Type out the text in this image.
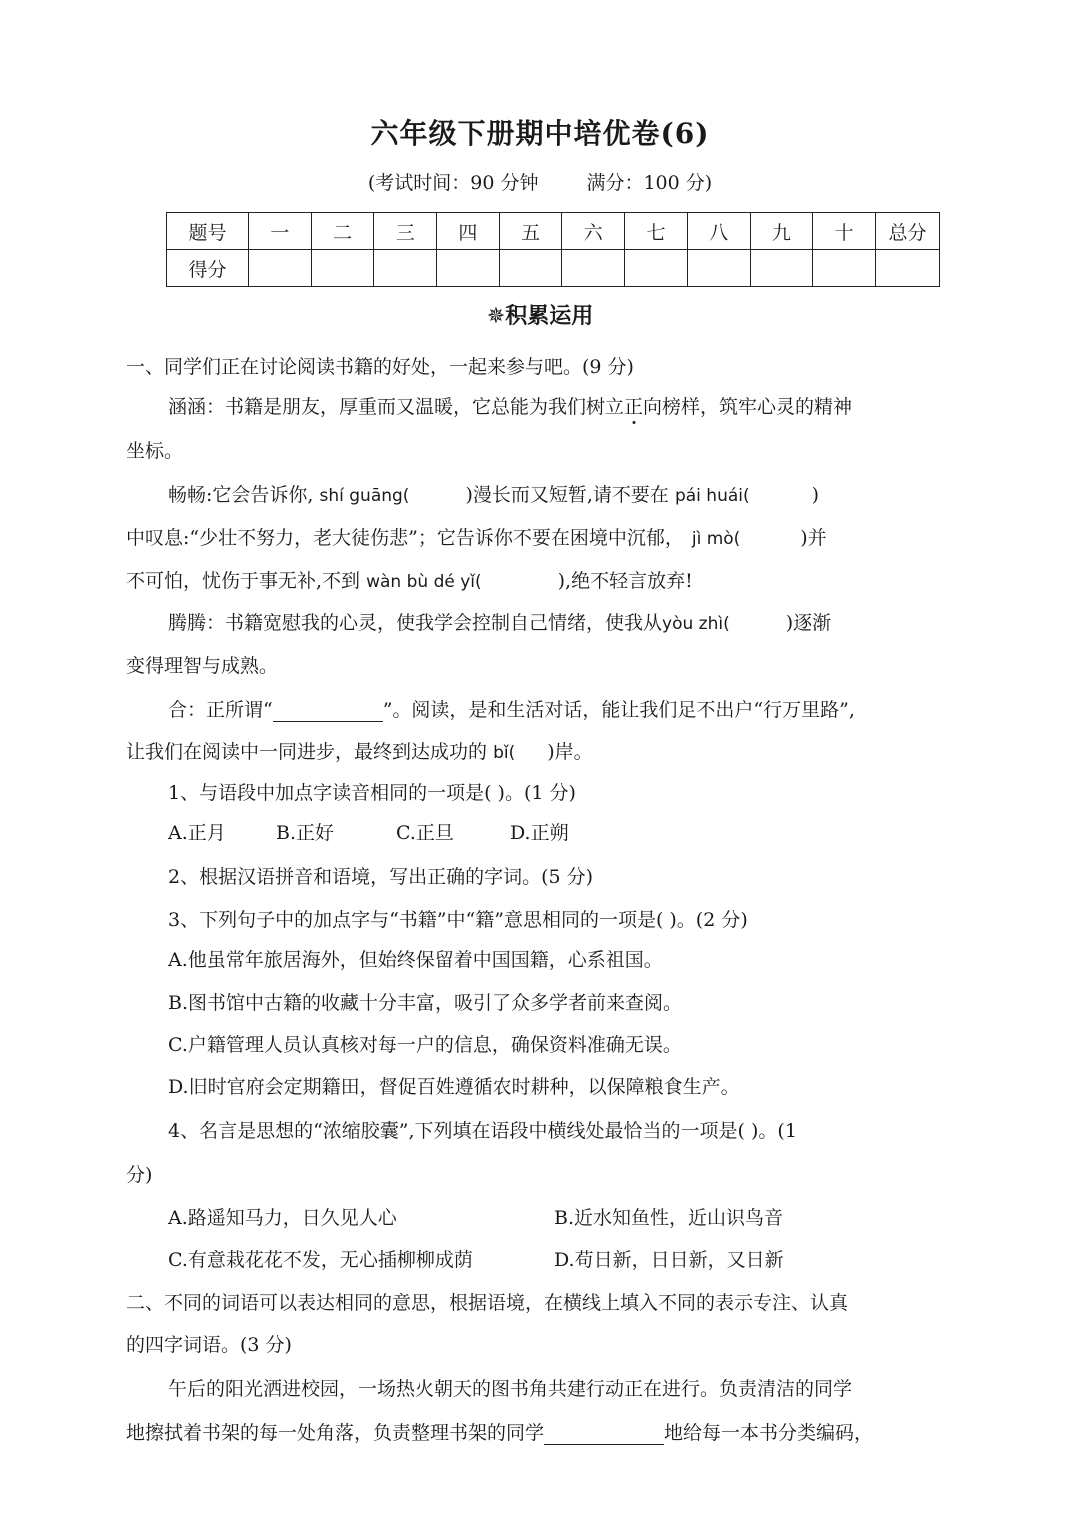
六年级下册期中培优卷(6)
(考试时间：90 分钟	满分：100 分)
题号	一	二	三	四	五	六	七	八	九	十	总分
得分											
✵积累运用
一、同学们正在讨论阅读书籍的好处，一起来参与吧。(9 分)
涵涵：书籍是朋友，厚重而又温暖，它总能为我们树立正向榜样，筑牢心灵的精神
坐标。
畅畅:它会告诉你, shí guāng(	)漫长而又短暂,请不要在 pái huái(	)
中叹息:“少壮不努力，老大徒伤悲”；它告诉你不要在困境中沉郁， jì mò(	)并
不可怕，忧伤于事无补,不到 wàn bù dé yǐ(	),绝不轻言放弃!
腾腾：书籍宽慰我的心灵，使我学会控制自己情绪，使我从yòu zhì(	)逐渐
变得理智与成熟。
合：正所谓“	”。阅读，是和生活对话，能让我们足不出户“行万里路”,
让我们在阅读中一同进步，最终到达成功的 bǐ( )岸。
1、与语段中加点字读音相同的一项是( )。(1 分)
A.正月	B.正好	C.正旦	D.正朔
2、根据汉语拼音和语境，写出正确的字词。(5 分)
3、下列句子中的加点字与“书籍”中“籍”意思相同的一项是( )。(2 分)
A.他虽常年旅居海外，但始终保留着中国国籍，心系祖国。
B.图书馆中古籍的收藏十分丰富，吸引了众多学者前来查阅。
C.户籍管理人员认真核对每一户的信息，确保资料准确无误。
D.旧时官府会定期籍田，督促百姓遵循农时耕种，以保障粮食生产。
4、名言是思想的“浓缩胶囊”,下列填在语段中横线处最恰当的一项是( )。(1
分)
A.路遥知马力，日久见人心	B.近水知鱼性，近山识鸟音
C.有意栽花花不发，无心插柳柳成荫	D.苟日新，日日新，又日新
二、不同的词语可以表达相同的意思，根据语境，在横线上填入不同的表示专注、认真
的四字词语。(3 分)
午后的阳光洒进校园，一场热火朝天的图书角共建行动正在进行。负责清洁的同学
地擦拭着书架的每一处角落，负责整理书架的同学	地给每一本书分类编码，
